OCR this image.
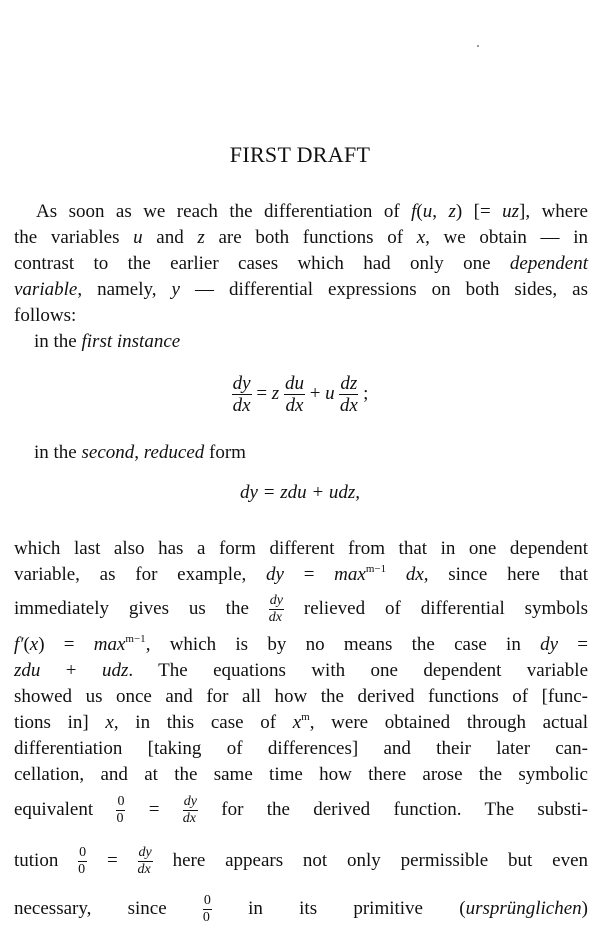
FIRST DRAFT
As soon as we reach the differentiation of f(u, z) [= uz], where
the variables u and z are both functions of x, we obtain — in
contrast to the earlier cases which had only one dependent
variable, namely, y — differential expressions on both sides, as
follows:
in the first instance
$\frac{dy}{dx} = z \frac{du}{dx} + u \frac{dz}{dx}$ ;
in the second, reduced form
dy = zdu + udz,
which last also has a form different from that in one dependent
variable, as for example, dy = $\max^{m-1}$ dx, since here that
immediately gives us the $\frac{dy}{dx}$ relieved of differential symbols
$f'(x) = \max^{m-1}$, which is by no means the case in dy =
zdu + udz. The equations with one dependent variable
showed us once and for all how the derived functions of [func-
tions in] x, in this case of $x^m$, were obtained through actual
differentiation [taking of differences] and their later can-
cellation, and at the same time how there arose the symbolic
equivalent $\frac{0}{0} = \frac{dy}{dx}$ for the derived function. The substi-
tution $\frac{0}{0} = \frac{dy}{dx}$ here appears not only permissible but even
necessary, since $\frac{0}{0}$ in its primitive (ursprünglichen)
